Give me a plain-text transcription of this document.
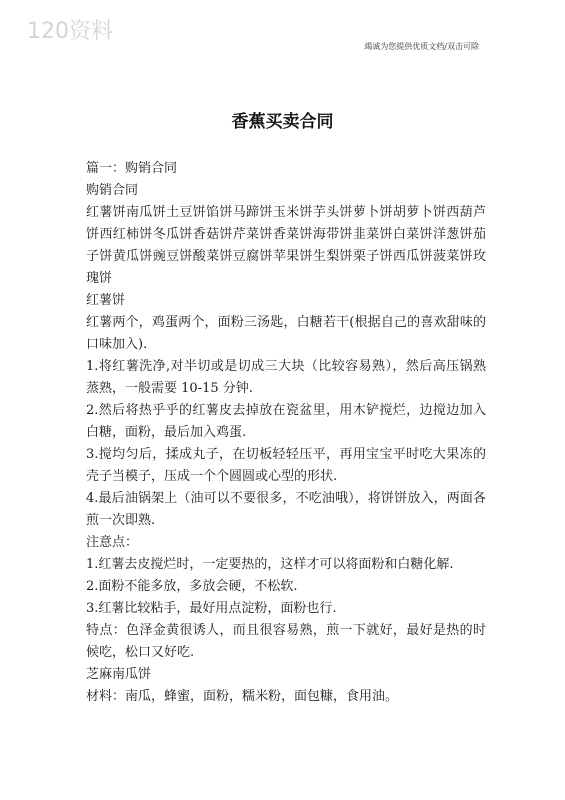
120资料
竭诚为您提供优质文档/双击可除
香蕉买卖合同

篇一：购销合同

购销合同

红薯饼南瓜饼土豆饼馅饼马蹄饼玉米饼芋头饼萝卜饼胡萝卜饼西葫芦饼西红柿饼冬瓜饼香菇饼芹菜饼香菜饼海带饼韭菜饼白菜饼洋葱饼茄子饼黄瓜饼豌豆饼酸菜饼豆腐饼苹果饼生梨饼栗子饼西瓜饼菠菜饼玫瑰饼

红薯饼

红薯两个，鸡蛋两个，面粉三汤匙，白糖若干(根据自己的喜欢甜味的口味加入).

1.将红薯洗净,对半切或是切成三大块（比较容易熟），然后高压锅熟蒸熟，一般需要 10-15 分钟.

2.然后将热乎乎的红薯皮去掉放在瓷盆里，用木铲搅烂，边搅边加入白糖，面粉，最后加入鸡蛋.

3.搅均匀后，揉成丸子，在切板轻轻压平，再用宝宝平时吃大果冻的壳子当模子，压成一个个圆圆或心型的形状.

4.最后油锅架上（油可以不要很多，不吃油哦），将饼饼放入，两面各煎一次即熟.

注意点：

1.红薯去皮搅烂时，一定要热的，这样才可以将面粉和白糖化解.

2.面粉不能多放，多放会硬，不松软.

3.红薯比较粘手，最好用点淀粉，面粉也行.

特点：色泽金黄很诱人，而且很容易熟，煎一下就好，最好是热的时候吃，松口又好吃.

芝麻南瓜饼

材料：南瓜，蜂蜜，面粉，糯米粉，面包糠，食用油。
